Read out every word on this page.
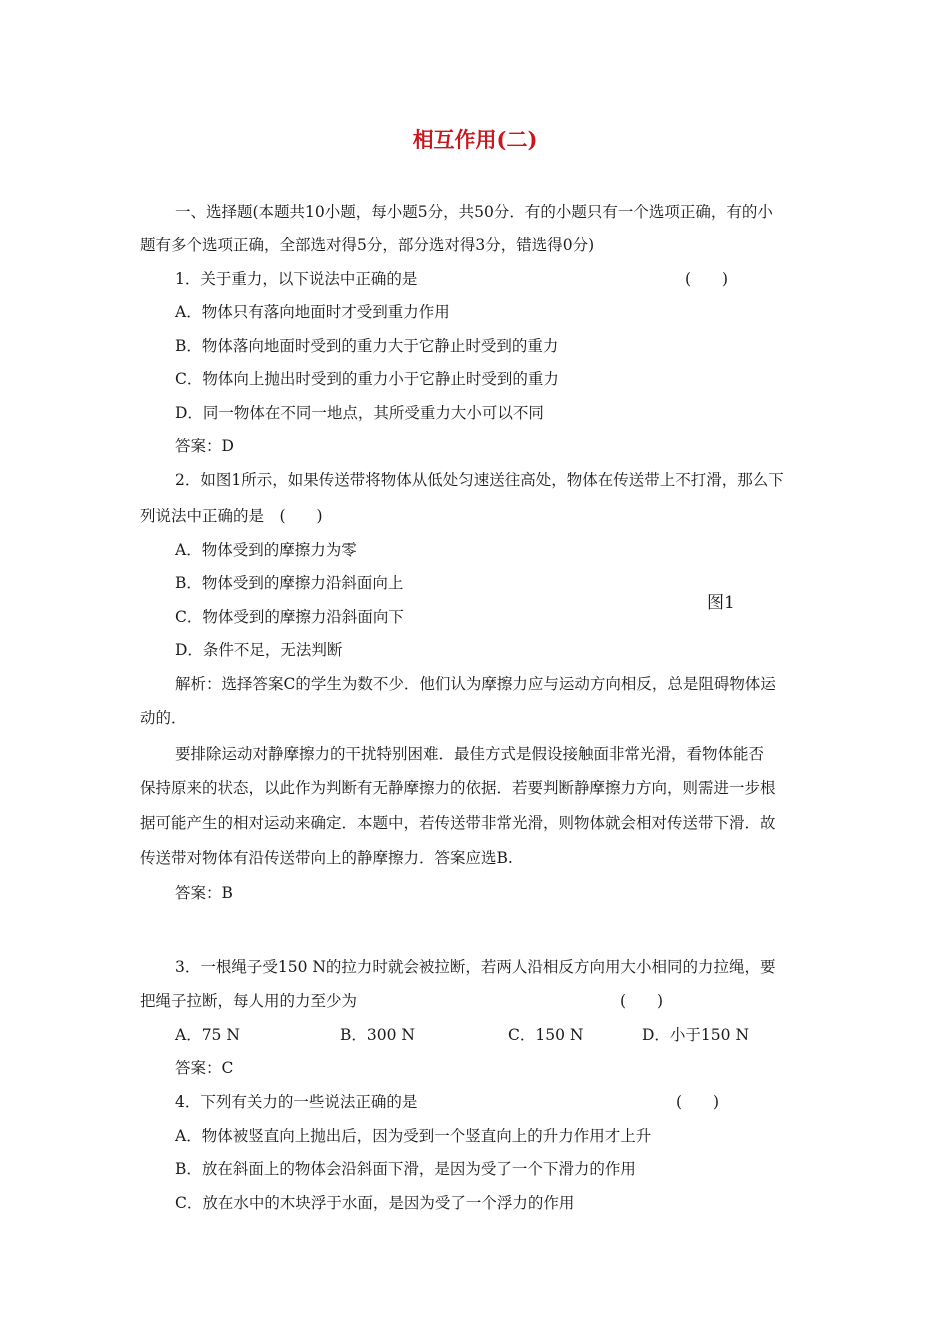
相互作用(二)
一、选择题(本题共10小题，每小题5分，共50分．有的小题只有一个选项正确，有的小
题有多个选项正确，全部选对得5分，部分选对得3分，错选得0分)
1．关于重力，以下说法中正确的是	(　　)
A．物体只有落向地面时才受到重力作用
B．物体落向地面时受到的重力大于它静止时受到的重力
C．物体向上抛出时受到的重力小于它静止时受到的重力
D．同一物体在不同一地点，其所受重力大小可以不同
答案：D
2．如图1所示，如果传送带将物体从低处匀速送往高处，物体在传送带上不打滑，那么下
列说法中正确的是　(　　)
A．物体受到的摩擦力为零
B．物体受到的摩擦力沿斜面向上
C．物体受到的摩擦力沿斜面向下
D．条件不足，无法判断
图1
解析：选择答案C的学生为数不少．他们认为摩擦力应与运动方向相反，总是阻碍物体运
动的．
要排除运动对静摩擦力的干扰特别困难．最佳方式是假设接触面非常光滑，看物体能否
保持原来的状态，以此作为判断有无静摩擦力的依据．若要判断静摩擦力方向，则需进一步根
据可能产生的相对运动来确定．本题中，若传送带非常光滑，则物体就会相对传送带下滑．故
传送带对物体有沿传送带向上的静摩擦力．答案应选B.
答案：B
3．一根绳子受150 N的拉力时就会被拉断，若两人沿相反方向用大小相同的力拉绳，要
把绳子拉断，每人用的力至少为	(　　)
A．75 N	B．300 N	C．150 N	D．小于150 N
答案：C
4．下列有关力的一些说法正确的是	(　　)
A．物体被竖直向上抛出后，因为受到一个竖直向上的升力作用才上升
B．放在斜面上的物体会沿斜面下滑，是因为受了一个下滑力的作用
C．放在水中的木块浮于水面，是因为受了一个浮力的作用
